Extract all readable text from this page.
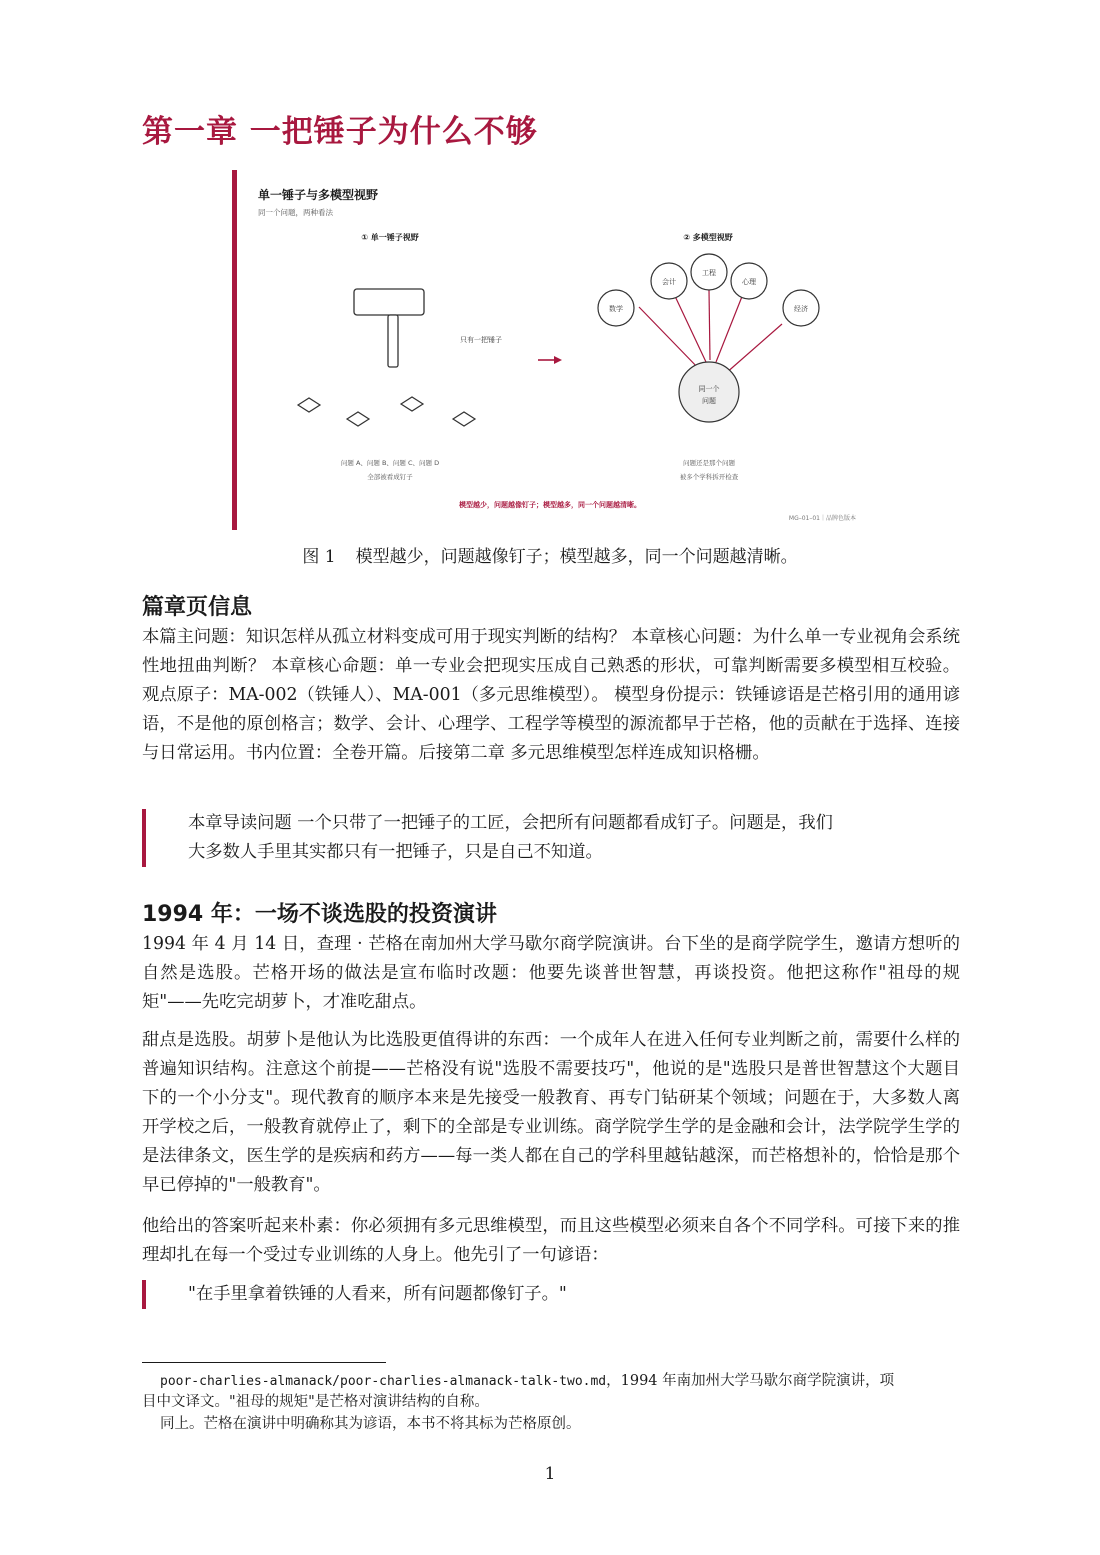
第一章 一把锤子为什么不够
单一锤子与多模型视野
同一个问题，两种看法
① 单一锤子视野
只有一把锤子
问题 A、问题 B、问题 C、问题 D
全部被看成钉子
② 多模型视野
数学
会计
工程
心理
经济
同一个
问题
问题还是那个问题
被多个学科拆开检查
模型越少，问题越像钉子；模型越多，同一个问题越清晰。
MG–01–01｜品牌色版本

图 1 模型越少，问题越像钉子；模型越多，同一个问题越清晰。

篇章页信息

本篇主问题：知识怎样从孤立材料变成可用于现实判断的结构？ 本章核心问题：为什么单一专业视角会系统性地扭曲判断？ 本章核心命题：单一专业会把现实压成自己熟悉的形状，可靠判断需要多模型相互校验。 观点原子：MA-002（铁锤人）、MA-001（多元思维模型）。 模型身份提示：铁锤谚语是芒格引用的通用谚语，不是他的原创格言；数学、会计、心理学、工程学等模型的源流都早于芒格，他的贡献在于选择、连接与日常运用。书内位置：全卷开篇。后接第二章 多元思维模型怎样连成知识格栅。

本章导读问题 一个只带了一把锤子的工匠，会把所有问题都看成钉子。问题是，我们

大多数人手里其实都只有一把锤子，只是自己不知道。

1994 年：一场不谈选股的投资演讲

1994 年 4 月 14 日，查理 · 芒格在南加州大学马歇尔商学院演讲。台下坐的是商学院学生，邀请方想听的自然是选股。芒格开场的做法是宣布临时改题：他要先谈普世智慧，再谈投资。他把这称作"祖母的规矩"——先吃完胡萝卜，才准吃甜点。

甜点是选股。胡萝卜是他认为比选股更值得讲的东西：一个成年人在进入任何专业判断之前，需要什么样的普遍知识结构。注意这个前提——芒格没有说"选股不需要技巧"，他说的是"选股只是普世智慧这个大题目下的一个小分支"。现代教育的顺序本来是先接受一般教育、再专门钻研某个领域；问题在于，大多数人离开学校之后，一般教育就停止了，剩下的全部是专业训练。商学院学生学的是金融和会计，法学院学生学的是法律条文，医生学的是疾病和药方——每一类人都在自己的学科里越钻越深，而芒格想补的，恰恰是那个早已停掉的"一般教育"。

他给出的答案听起来朴素：你必须拥有多元思维模型，而且这些模型必须来自各个不同学科。可接下来的推理却扎在每一个受过专业训练的人身上。他先引了一句谚语：

"在手里拿着铁锤的人看来，所有问题都像钉子。"

poor-charlies-almanack/poor-charlies-almanack-talk-two.md，1994 年南加州大学马歇尔商学院演讲，项
目中文译文。"祖母的规矩"是芒格对演讲结构的自称。

同上。芒格在演讲中明确称其为谚语，本书不将其标为芒格原创。

1
